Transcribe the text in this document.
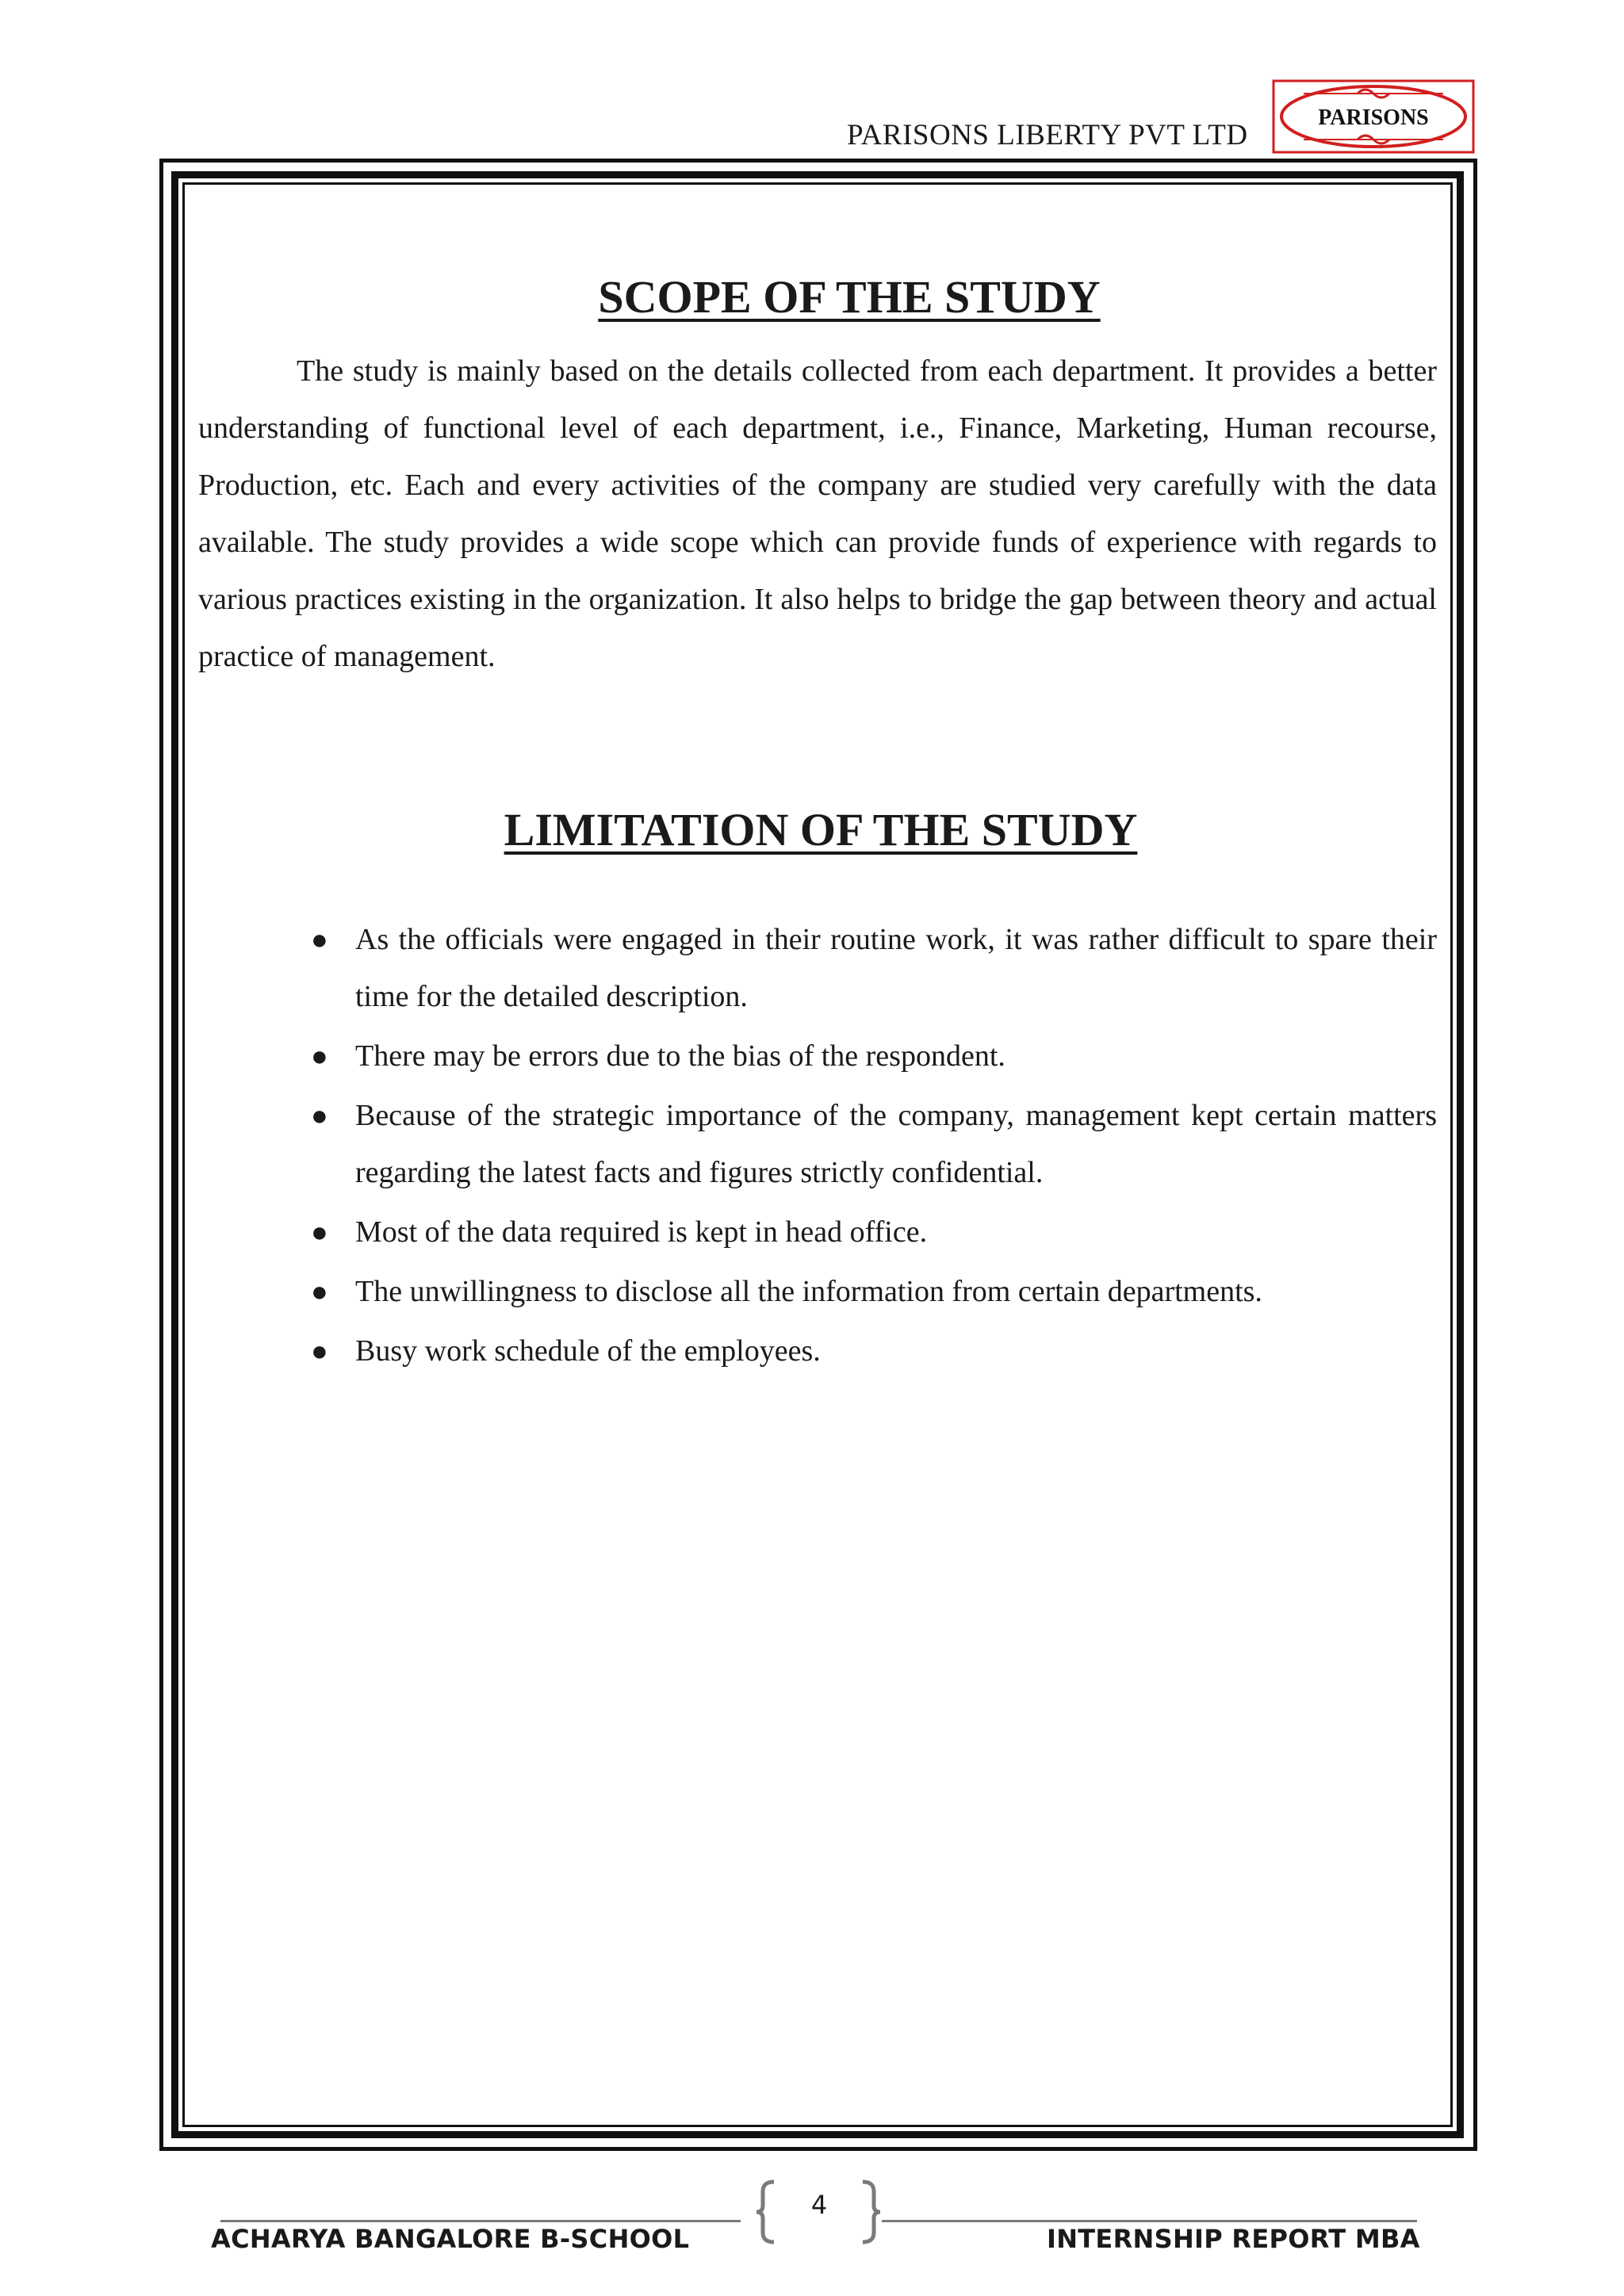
PARISONS LIBERTY PVT LTD
PARISONS
SCOPE OF THE STUDY

The study is mainly based on the details collected from each department. It provides a better understanding of functional level of each department, i.e., Finance, Marketing, Human recourse, Production, etc. Each and every activities of the company are studied very carefully with the data available. The study provides a wide scope which can provide funds of experience with regards to various practices existing in the organization. It also helps to bridge the gap between theory and actual practice of management.

LIMITATION OF THE STUDY
● As the officials were engaged in their routine work, it was rather difficult to spare their time for the detailed description.
● There may be errors due to the bias of the respondent.
● Because of the strategic importance of the company, management kept certain matters regarding the latest facts and figures strictly confidential.
● Most of the data required is kept in head office.
● The unwillingness to disclose all the information from certain departments.
● Busy work schedule of the employees.
4
ACHARYA BANGALORE B-SCHOOL	INTERNSHIP REPORT MBA
